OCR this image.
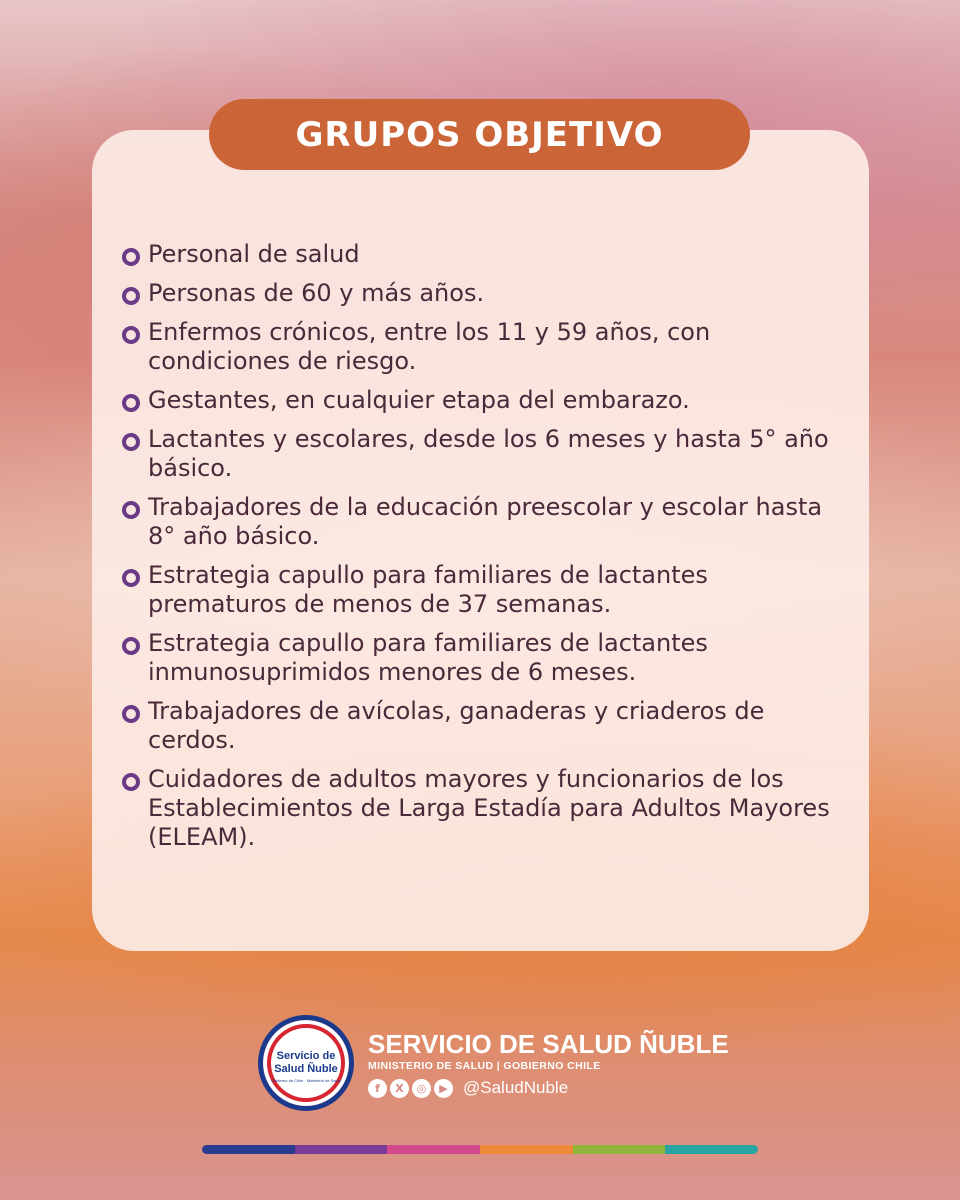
GRUPOS OBJETIVO
Personal de salud
Personas de 60 y más años.
Enfermos crónicos, entre los 11 y 59 años, con condiciones de riesgo.
Gestantes, en cualquier etapa del embarazo.
Lactantes y escolares, desde los 6 meses y hasta 5° año básico.
Trabajadores de la educación preescolar y escolar hasta 8° año básico.
Estrategia capullo para familiares de lactantes prematuros de menos de 37 semanas.
Estrategia capullo para familiares de lactantes inmunosuprimidos menores de 6 meses.
Trabajadores de avícolas, ganaderas y criaderos de cerdos.
Cuidadores de adultos mayores y funcionarios de los Establecimientos de Larga Estadía para Adultos Mayores (ELEAM).
Servicio de Salud Ñuble
Gobierno de Chile · Ministerio de Salud
SERVICIO DE SALUD ÑUBLE
MINISTERIO DE SALUD | GOBIERNO CHILE
f	X	◎	▶ @SaludNuble
